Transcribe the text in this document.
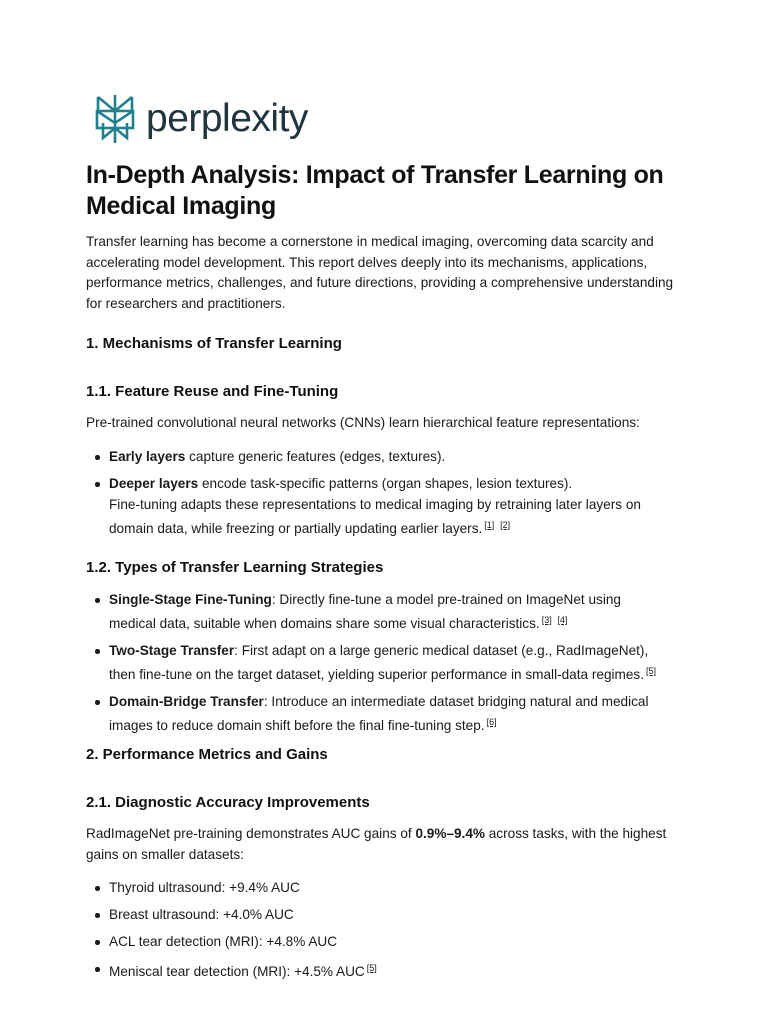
perplexity
In-Depth Analysis: Impact of Transfer Learning on Medical Imaging

Transfer learning has become a cornerstone in medical imaging, overcoming data scarcity and accelerating model development. This report delves deeply into its mechanisms, applications, performance metrics, challenges, and future directions, providing a comprehensive understanding for researchers and practitioners.

1. Mechanisms of Transfer Learning

1.1. Feature Reuse and Fine-Tuning

Pre-trained convolutional neural networks (CNNs) learn hierarchical feature representations:

Early layers capture generic features (edges, textures).
Deeper layers encode task-specific patterns (organ shapes, lesion textures).
Fine-tuning adapts these representations to medical imaging by retraining later layers on domain data, while freezing or partially updating earlier layers. [1] [2]

1.2. Types of Transfer Learning Strategies

Single-Stage Fine-Tuning: Directly fine-tune a model pre-trained on ImageNet using medical data, suitable when domains share some visual characteristics. [3] [4]
Two-Stage Transfer: First adapt on a large generic medical dataset (e.g., RadImageNet), then fine-tune on the target dataset, yielding superior performance in small-data regimes. [5]
Domain-Bridge Transfer: Introduce an intermediate dataset bridging natural and medical images to reduce domain shift before the final fine-tuning step. [6]

2. Performance Metrics and Gains

2.1. Diagnostic Accuracy Improvements

RadImageNet pre-training demonstrates AUC gains of 0.9%–9.4% across tasks, with the highest gains on smaller datasets:

Thyroid ultrasound: +9.4% AUC
Breast ultrasound: +4.0% AUC
ACL tear detection (MRI): +4.8% AUC
Meniscal tear detection (MRI): +4.5% AUC [5]
